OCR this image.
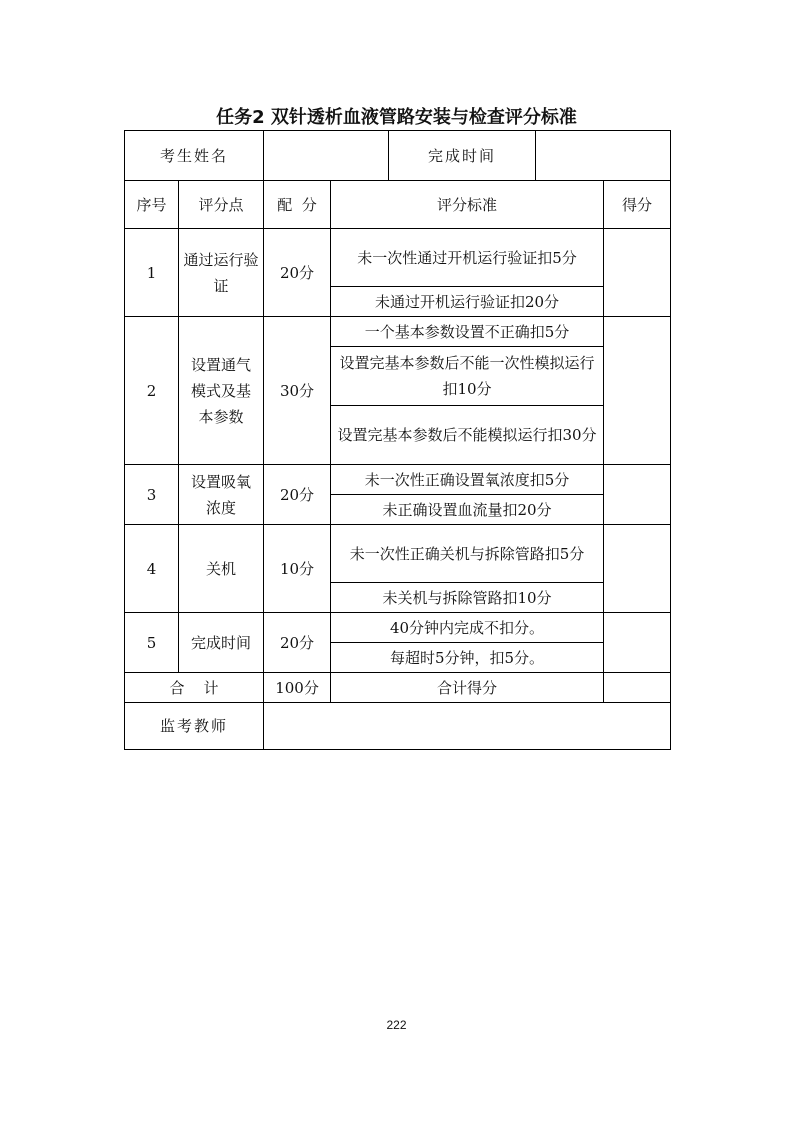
任务2 双针透析血液管路安装与检查评分标准
考生姓名				完成时间		
序号	评分点	配  分	评分标准			得分
1	通过运行验证	20分	未一次性通过开机运行验证扣5分			
			未通过开机运行验证扣20分			
2	设置通气模式及基本参数	30分	一个基本参数设置不正确扣5分			
			设置完基本参数后不能一次性模拟运行扣10分			
			设置完基本参数后不能模拟运行扣30分			
3	设置吸氧浓度	20分	未一次性正确设置氧浓度扣5分			
			未正确设置血流量扣20分			
4	关机	10分	未一次性正确关机与拆除管路扣5分			
			未关机与拆除管路扣10分			
5	完成时间	20分	40分钟内完成不扣分。			
			每超时5分钟，扣5分。			
合    计		100分	合计得分			
监考教师						
222
